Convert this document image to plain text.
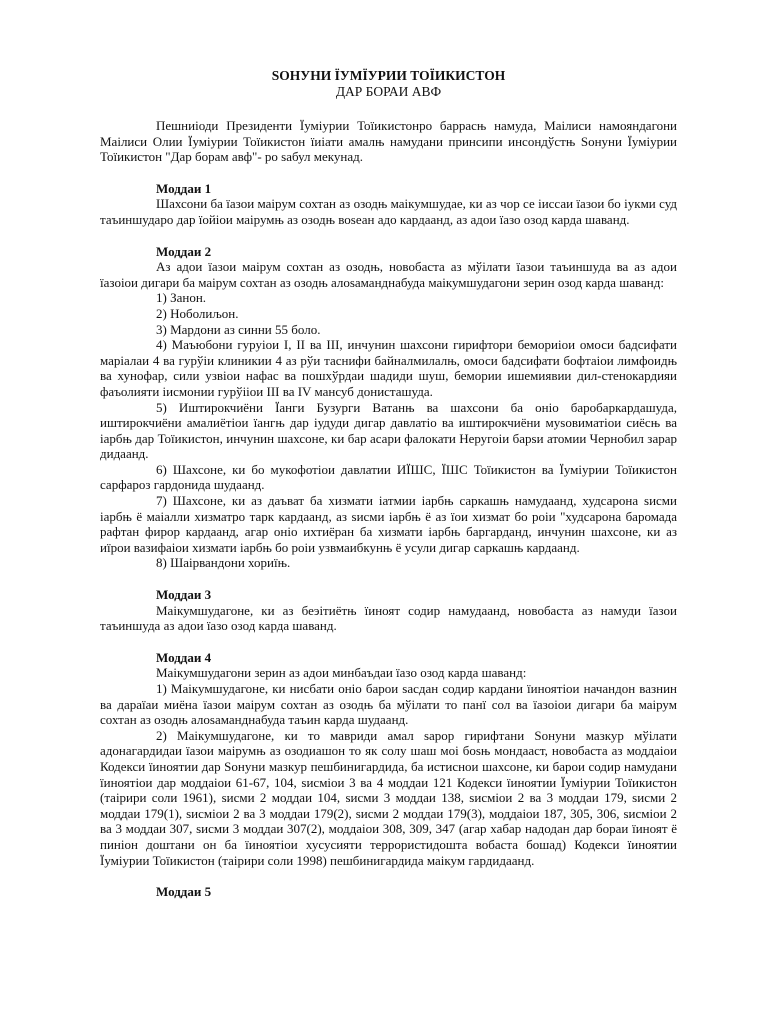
ЅОНУНИ ЇУМЇУРИИ ТОЇИКИСТОН
ДАР БОРАИ АВФ

Пешниіоди Президенти Їуміурии Тоїикистонро баррасњ намуда, Маілиси намояндагони Маілиси Олии Їуміурии Тоїикистон їиіати амалњ намудани принсипи инсондўстњ Ѕонуни Їуміурии Тоїикистон "Дар борам авф"- ро ѕабул мекунад.

Моддаи 1

Шахсони ба їазои маірум сохтан аз озодњ маікумшудае, ки аз чор се іиссаи їазои бо іукми суд таъиншударо дар їойіои маірумњ аз озодњ воѕеан адо кардаанд, аз адои їазо озод карда шаванд.

Моддаи 2

Аз адои їазои маірум сохтан аз озодњ, новобаста аз мўілати їазои таъиншуда ва аз адои їазоіои дигари ба маірум сохтан аз озодњ алоѕаманднабуда маікумшудагони зерин озод карда шаванд:

1) Занон.

2) Ноболиљон.

3) Мардони аз синни 55 боло.

4) Маъюбони гуруіои I, II ва III, инчунин шахсони гирифтори бемориіои омоси бадсифати маріалаи 4 ва гурўіи клиникии 4 аз рўи таснифи байналмилалњ, омоси бадсифати бофтаіои лимфоидњ ва хунофар, сили узвіои нафас ва пошхўрдаи шадиди шуш, бемории ишемиявии дил-стенокардияи фаъолияти іисмонии гурўііои III ва IV мансуб донисташуда.

5) Иштирокчиёни Їанги Бузурги Ватанњ ва шахсони ба оніо баробаркардашуда, иштирокчиёни амалиётіои їангњ дар іудуди дигар давлатіо ва иштирокчиёни муѕовиматіои сиёсњ ва іарбњ дар Тоїикистон, инчунин шахсоне, ки бар асари фалокати Неругоіи барѕи атомии Чернобил зарар дидаанд.

6) Шахсоне, ки бо мукофотіои давлатии ИЇШС, ЇШС Тоїикистон ва Їуміурии Тоїикистон сарфароз гардонида шудаанд.

7) Шахсоне, ки аз даъват ба хизмати іатмии іарбњ саркашњ намудаанд, худсарона ѕисми іарбњ ё маіалли хизматро тарк кардаанд, аз ѕисми іарбњ ё аз їои хизмат бо роіи "худсарона баромада рафтан фирор кардаанд, агар оніо ихтиёран ба хизмати іарбњ баргарданд, инчунин шахсоне, ки аз иїрои вазифаіои хизмати іарбњ бо роіи узвмаибкунњ ё усули дигар саркашњ кардаанд.

8) Шаірвандони хориїњ.

Моддаи 3

Маікумшудагоне, ки аз беэітиётњ їиноят содир намудаанд, новобаста аз намуди їазои таъиншуда аз адои їазо озод карда шаванд.

Моддаи 4

Маікумшудагони зерин аз адои минбаъдаи їазо озод карда шаванд:

1) Маікумшудагоне, ки нисбати оніо барои ѕасдан содир кардани їиноятіои начандон вазнин ва дараїаи миёна їазои маірум сохтан аз озодњ ба мўілати то панї сол ва їазоіои дигари ба маірум сохтан аз озодњ алоѕаманднабуда таъин карда шудаанд.

2) Маікумшудагоне, ки то мавриди амал ѕарор гирифтани Ѕонуни мазкур мўілати адонагардидаи їазои маірумњ аз озодиашон то як солу шаш моі боѕњ мондааст, новобаста аз моддаіои Кодекси їиноятии дар Ѕонуни мазкур пешбинигардида, ба истиснои шахсоне, ки барои содир намудани їиноятіои дар моддаіои 61-67, 104, ѕисміои 3 ва 4 моддаи 121 Кодекси їиноятии Їуміурии Тоїикистон (таірири соли 1961), ѕисми 2 моддаи 104, ѕисми 3 моддаи 138, ѕисміои 2 ва 3 моддаи 179, ѕисми 2 моддаи 179(1), ѕисміои 2 ва 3 моддаи 179(2), ѕисми 2 моддаи 179(3), моддаіои 187, 305, 306, ѕисміои 2 ва 3 моддаи 307, ѕисми 3 моддаи 307(2), моддаіои 308, 309, 347 (агар хабар надодан дар бораи їиноят ё пиніон доштани он ба їиноятіои хусусияти террористидошта вобаста бошад) Кодекси їиноятии Їуміурии Тоїикистон (таірири соли 1998) пешбинигардида маікум гардидаанд.

Моддаи 5
